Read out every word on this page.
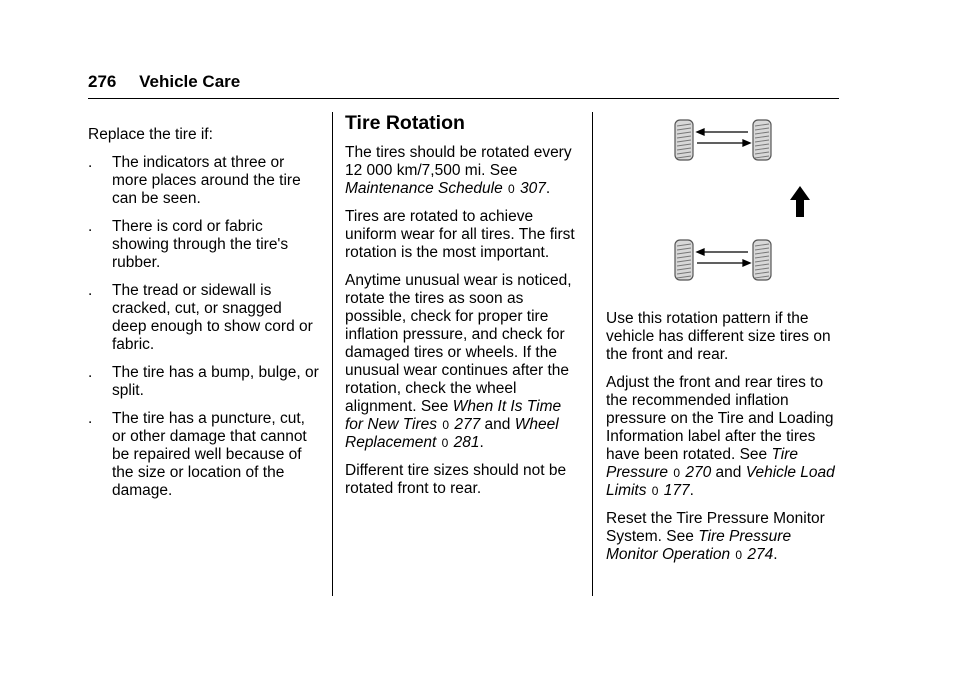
276 Vehicle Care

Replace the tire if:

. The indicators at three or more places around the tire can be seen.
. There is cord or fabric showing through the tire's rubber.
. The tread or sidewall is cracked, cut, or snagged deep enough to show cord or fabric.
. The tire has a bump, bulge, or split.
. The tire has a puncture, cut, or other damage that cannot be repaired well because of the size or location of the damage.
Tire Rotation

The tires should be rotated every 12 000 km/7,500 mi. See Maintenance Schedule 0 307.

Tires are rotated to achieve uniform wear for all tires. The first rotation is the most important.

Anytime unusual wear is noticed, rotate the tires as soon as possible, check for proper tire inflation pressure, and check for damaged tires or wheels. If the unusual wear continues after the rotation, check the wheel alignment. See When It Is Time for New Tires 0 277 and Wheel Replacement 0 281.

Different tire sizes should not be rotated front to rear.

Use this rotation pattern if the vehicle has different size tires on the front and rear.

Adjust the front and rear tires to the recommended inflation pressure on the Tire and Loading Information label after the tires have been rotated. See Tire Pressure 0 270 and Vehicle Load Limits 0 177.

Reset the Tire Pressure Monitor System. See Tire Pressure Monitor Operation 0 274.
